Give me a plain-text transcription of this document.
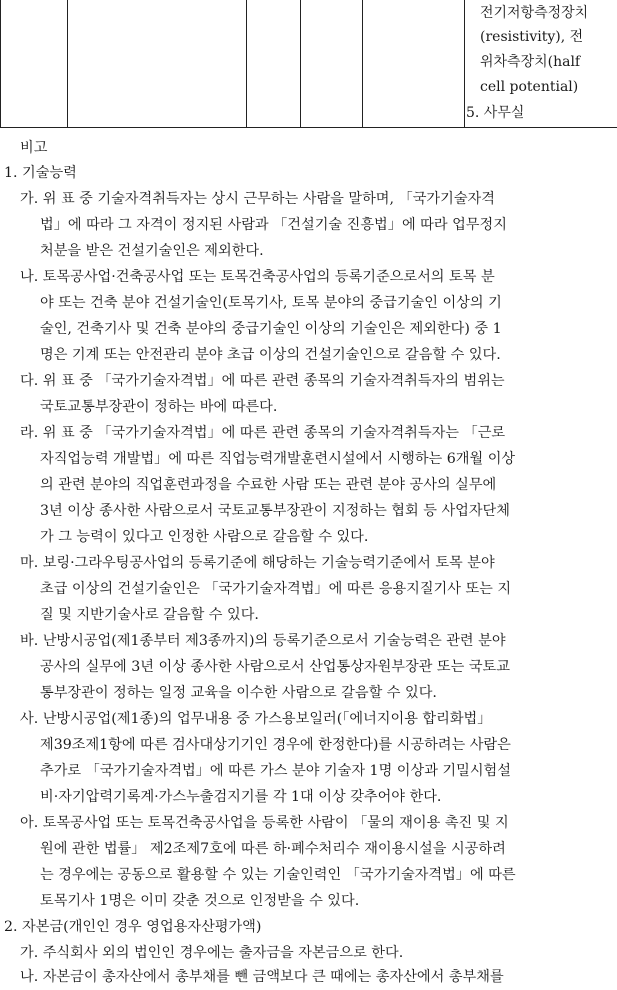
전기저항측정장치
(resistivity), 전
위차측장치(half
cell potential)
5. 사무실
비고
1. 기술능력
가. 위 표 중 기술자격취득자는 상시 근무하는 사람을 말하며, 「국가기술자격
법」에 따라 그 자격이 정지된 사람과 「건설기술 진흥법」에 따라 업무정지
처분을 받은 건설기술인은 제외한다.
나. 토목공사업·건축공사업 또는 토목건축공사업의 등록기준으로서의 토목 분
야 또는 건축 분야 건설기술인(토목기사, 토목 분야의 중급기술인 이상의 기
술인, 건축기사 및 건축 분야의 중급기술인 이상의 기술인은 제외한다) 중 1
명은 기계 또는 안전관리 분야 초급 이상의 건설기술인으로 갈음할 수 있다.
다. 위 표 중 「국가기술자격법」에 따른 관련 종목의 기술자격취득자의 범위는
국토교통부장관이 정하는 바에 따른다.
라. 위 표 중 「국가기술자격법」에 따른 관련 종목의 기술자격취득자는 「근로
자직업능력 개발법」에 따른 직업능력개발훈련시설에서 시행하는 6개월 이상
의 관련 분야의 직업훈련과정을 수료한 사람 또는 관련 분야 공사의 실무에
3년 이상 종사한 사람으로서 국토교통부장관이 지정하는 협회 등 사업자단체
가 그 능력이 있다고 인정한 사람으로 갈음할 수 있다.
마. 보링·그라우팅공사업의 등록기준에 해당하는 기술능력기준에서 토목 분야
초급 이상의 건설기술인은 「국가기술자격법」에 따른 응용지질기사 또는 지
질 및 지반기술사로 갈음할 수 있다.
바. 난방시공업(제1종부터 제3종까지)의 등록기준으로서 기술능력은 관련 분야
공사의 실무에 3년 이상 종사한 사람으로서 산업통상자원부장관 또는 국토교
통부장관이 정하는 일정 교육을 이수한 사람으로 갈음할 수 있다.
사. 난방시공업(제1종)의 업무내용 중 가스용보일러(「에너지이용 합리화법」
제39조제1항에 따른 검사대상기기인 경우에 한정한다)를 시공하려는 사람은
추가로 「국가기술자격법」에 따른 가스 분야 기술자 1명 이상과 기밀시험설
비·자기압력기록계·가스누출검지기를 각 1대 이상 갖추어야 한다.
아. 토목공사업 또는 토목건축공사업을 등록한 사람이 「물의 재이용 촉진 및 지
원에 관한 법률」 제2조제7호에 따른 하·폐수처리수 재이용시설을 시공하려
는 경우에는 공동으로 활용할 수 있는 기술인력인 「국가기술자격법」에 따른
토목기사 1명은 이미 갖춘 것으로 인정받을 수 있다.
2. 자본금(개인인 경우 영업용자산평가액)
가. 주식회사 외의 법인인 경우에는 출자금을 자본금으로 한다.
나. 자본금이 총자산에서 총부채를 뺀 금액보다 큰 때에는 총자산에서 총부채를
